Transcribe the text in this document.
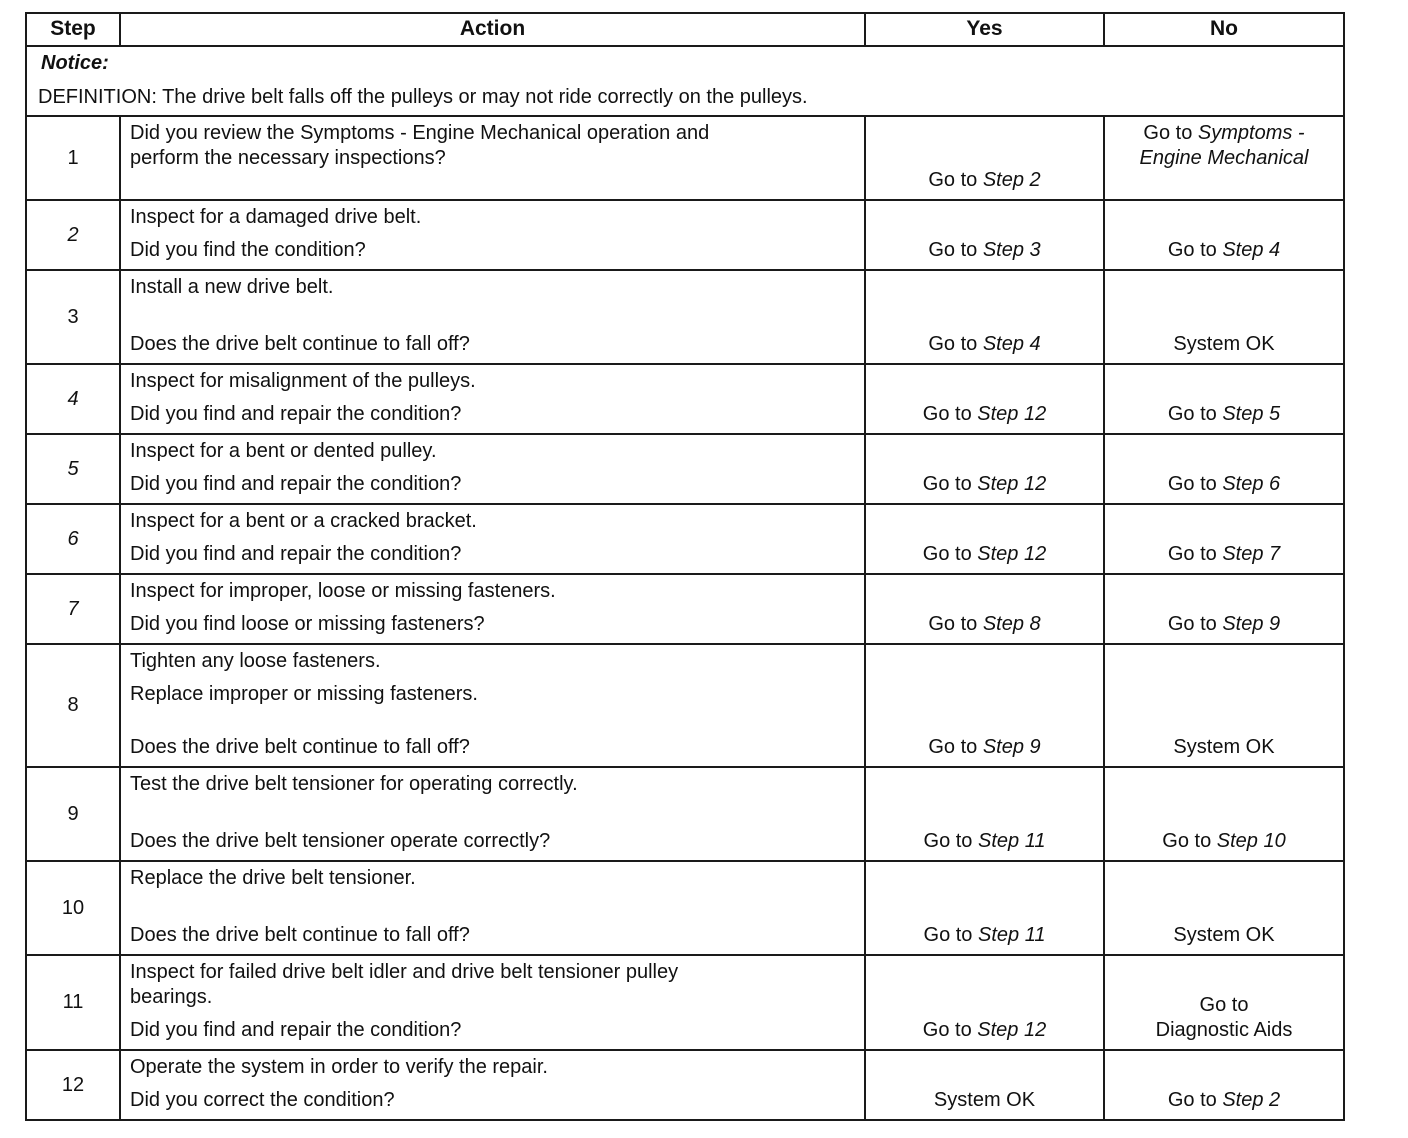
Step	Action	Yes	No

Notice:
DEFINITION: The drive belt falls off the pulleys or may not ride correctly on the pulleys.			

1	Did you review the Symptoms - Engine Mechanical operation and
perform the necessary inspections?	Go to Step 2	Go to Symptoms -
Engine Mechanical
2	Inspect for a damaged drive belt.
Did you find the condition?	Go to Step 3	Go to Step 4
3	Install a new drive belt.
Does the drive belt continue to fall off?	Go to Step 4	System OK
4	Inspect for misalignment of the pulleys.
Did you find and repair the condition?	Go to Step 12	Go to Step 5
5	Inspect for a bent or dented pulley.
Did you find and repair the condition?	Go to Step 12	Go to Step 6
6	Inspect for a bent or a cracked bracket.
Did you find and repair the condition?	Go to Step 12	Go to Step 7
7	Inspect for improper, loose or missing fasteners.
Did you find loose or missing fasteners?	Go to Step 8	Go to Step 9
8	Tighten any loose fasteners.
Replace improper or missing fasteners.
Does the drive belt continue to fall off?	Go to Step 9	System OK
9	Test the drive belt tensioner for operating correctly.
Does the drive belt tensioner operate correctly?	Go to Step 11	Go to Step 10
10	Replace the drive belt tensioner.
Does the drive belt continue to fall off?	Go to Step 11	System OK
11	Inspect for failed drive belt idler and drive belt tensioner pulley
bearings.
Did you find and repair the condition?	Go to Step 12	Go to
Diagnostic Aids
12	Operate the system in order to verify the repair.
Did you correct the condition?	System OK	Go to Step 2
